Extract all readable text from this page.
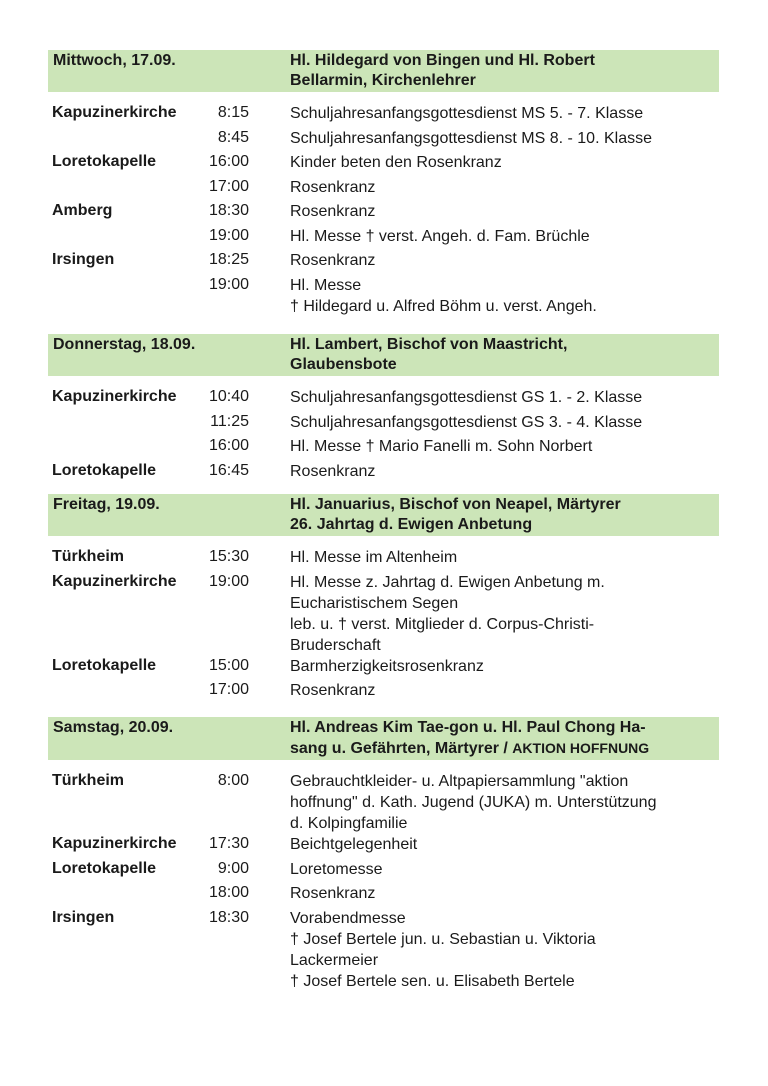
Mittwoch, 17.09.	Hl. Hildegard von Bingen und Hl. Robert
Bellarmin, Kirchenlehrer
Kapuzinerkirche	8:15	Schuljahresanfangsgottesdienst MS 5. - 7. Klasse
8:45	Schuljahresanfangsgottesdienst MS 8. - 10. Klasse
Loretokapelle	16:00	Kinder beten den Rosenkranz
17:00	Rosenkranz
Amberg	18:30	Rosenkranz
19:00	Hl. Messe † verst. Angeh. d. Fam. Brüchle
Irsingen	18:25	Rosenkranz
19:00	Hl. Messe
† Hildegard u. Alfred Böhm u. verst. Angeh.
Donnerstag, 18.09.	Hl. Lambert, Bischof von Maastricht,
Glaubensbote
Kapuzinerkirche 10:40	Schuljahresanfangsgottesdienst GS 1. - 2. Klasse
11:25	Schuljahresanfangsgottesdienst GS 3. - 4. Klasse
16:00	Hl. Messe † Mario Fanelli m. Sohn Norbert
Loretokapelle	16:45	Rosenkranz
Freitag, 19.09.	Hl. Januarius, Bischof von Neapel, Märtyrer
26. Jahrtag d. Ewigen Anbetung
Türkheim	15:30	Hl. Messe im Altenheim
Kapuzinerkirche 19:00	Hl. Messe z. Jahrtag d. Ewigen Anbetung m.
Eucharistischem Segen
leb. u. † verst. Mitglieder d. Corpus-Christi-
Bruderschaft
Loretokapelle	15:00	Barmherzigkeitsrosenkranz
17:00	Rosenkranz
Samstag, 20.09.	Hl. Andreas Kim Tae-gon u. Hl. Paul Chong Ha-
sang u. Gefährten, Märtyrer / AKTION HOFFNUNG
Türkheim	8:00	Gebrauchtkleider- u. Altpapiersammlung "aktion
hoffnung" d. Kath. Jugend (JUKA) m. Unterstützung
d. Kolpingfamilie
Kapuzinerkirche 17:30	Beichtgelegenheit
Loretokapelle	9:00	Loretomesse
18:00	Rosenkranz
Irsingen	18:30	Vorabendmesse
† Josef Bertele jun. u. Sebastian u. Viktoria
Lackermeier
† Josef Bertele sen. u. Elisabeth Bertele
